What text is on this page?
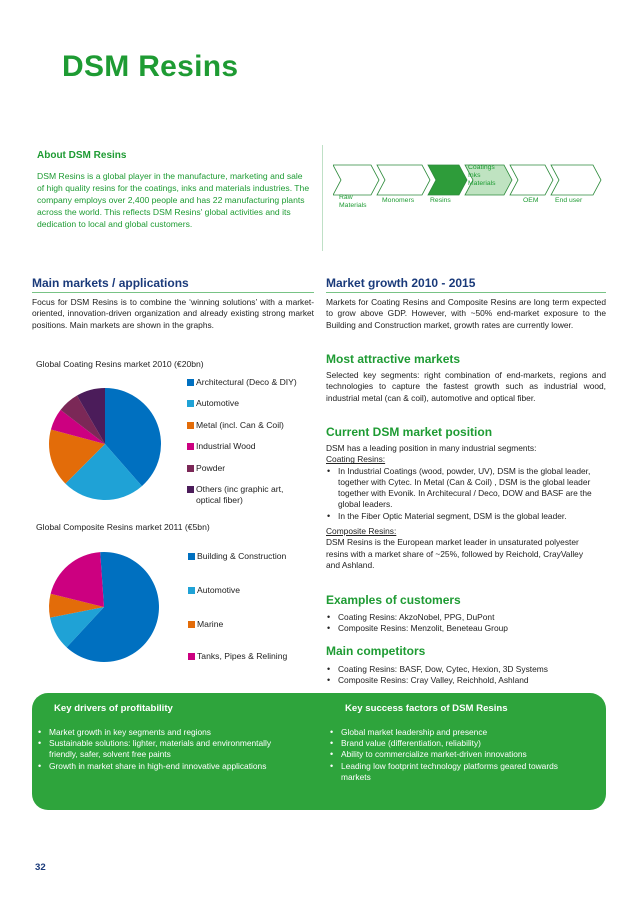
DSM Resins
About DSM Resins
DSM Resins is a global player in the manufacture, marketing and sale of high quality resins for the coatings, inks and materials industries. The company employs over 2,400 people and has 22 manufacturing plants across the world. This reflects DSM Resins' global activities and its dedication to local and global customers.
Raw Materials
Monomers Resins
Coatings Inks Materials
OEM End user
Main markets / applications
Focus for DSM Resins is to combine the ‘winning solutions’ with a market-oriented, innovation-driven organization and already existing strong market positions. Main markets are shown in the graphs.
Global Coating Resins market 2010 (€20bn)
Architectural (Deco & DIY)
Automotive
Metal (incl. Can & Coil)
Industrial Wood
Powder
Others (inc graphic art, optical fiber)
Global Composite Resins market 2011 (€5bn)
Building & Construction
Automotive
Marine
Tanks, Pipes & Relining
Market growth 2010 - 2015
Markets for Coating Resins and Composite Resins are long term expected to grow above GDP. However, with ~50% end-market exposure to the Building and Construction market, growth rates are currently lower.
Most attractive markets
Selected key segments: right combination of end-markets, regions and technologies to capture the fastest growth such as industrial wood, industrial metal (can & coil), automotive and optical fiber.
Current DSM market position
DSM has a leading position in many industrial segments:
Coating Resins:
• In Industrial Coatings (wood, powder, UV), DSM is the global leader, together with Cytec. In Metal (Can & Coil) , DSM is the global leader together with Evonik. In Architecural / Deco, DOW and BASF are the global leaders.
• In the Fiber Optic Material segment, DSM is the global leader.
Composite Resins:
DSM Resins is the European market leader in unsaturated polyester resins with a market share of ~25%, followed by Reichold, CrayValley and Ashland.
Examples of customers
• Coating Resins: AkzoNobel, PPG, DuPont
• Composite Resins: Menzolit, Beneteau Group
Main competitors
• Coating Resins: BASF, Dow, Cytec, Hexion, 3D Systems
• Composite Resins: Cray Valley, Reichhold, Ashland
Key drivers of profitability
• Market growth in key segments and regions
• Sustainable solutions: lighter, materials and environmentally friendly, safer, solvent free paints
• Growth in market share in high-end innovative applications
Key success factors of DSM Resins
• Global market leadership and presence
• Brand value (differentiation, reliability)
• Ability to commercialize market-driven innovations
• Leading low footprint technology platforms geared towards markets
32
